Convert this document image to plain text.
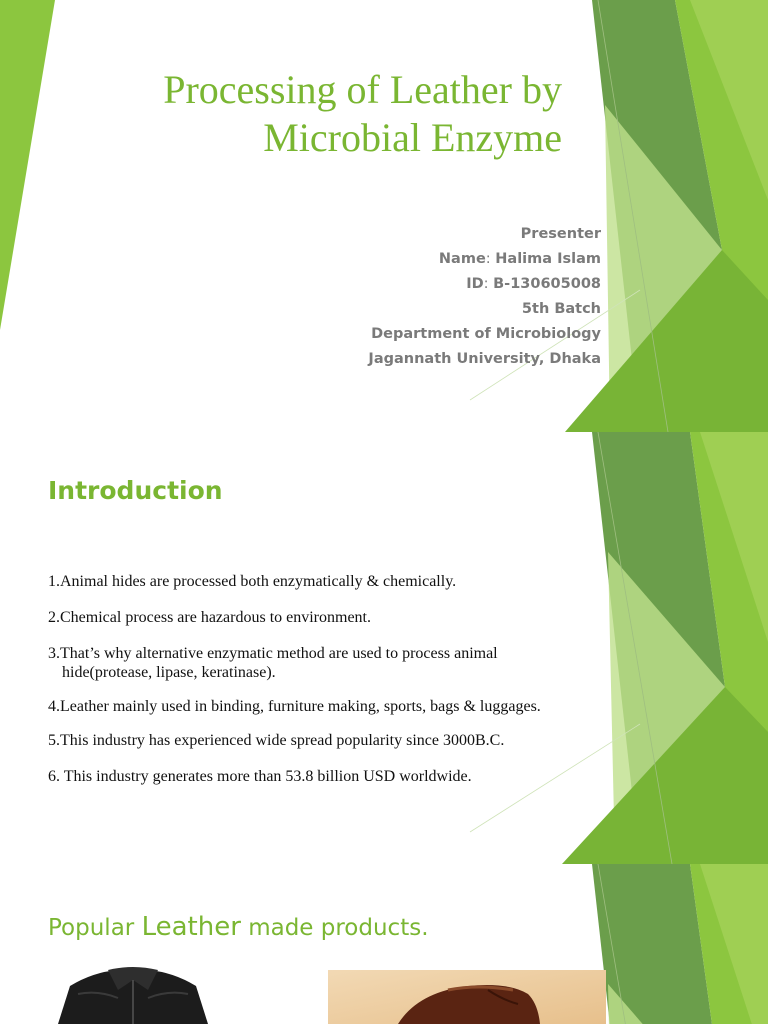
Processing of Leather by
Microbial Enzyme
Presenter
Name: Halima Islam
ID: B-130605008
5th Batch
Department of Microbiology
Jagannath University, Dhaka
Introduction
1.Animal hides are processed both enzymatically & chemically.
2.Chemical process are hazardous to environment.
3.That’s why alternative enzymatic method are used to process animal hide(protease, lipase, keratinase).
4.Leather mainly used in binding, furniture making, sports, bags & luggages.
5.This industry has experienced wide spread popularity since 3000B.C.
6. This industry generates more than 53.8 billion USD worldwide.
Popular Leather made products.
